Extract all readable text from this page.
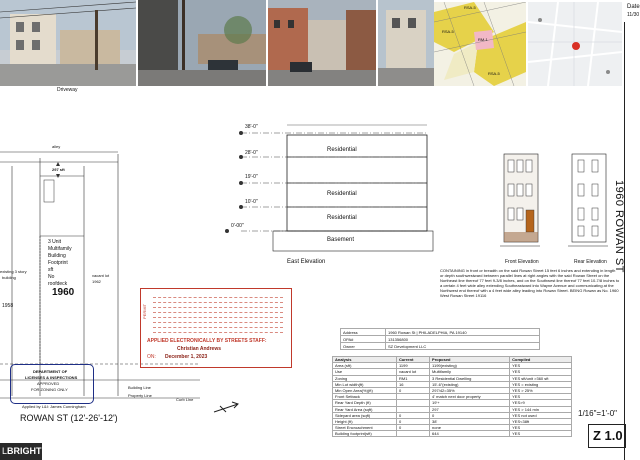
RSA-5
RSA-5
RM-1
RSA-5
Date
11/30
Driveway
1960 ROWAN ST
alley
297 sft
3 Unit
Multifamily
Building
Footprint
sft
No
roofdeck
1960
existing 3 story
building
1958
vacant lot
1962
Building Line
Property Line
Curb Line
DEPARTMENT OF
LICENSES & INSPECTIONS
APPROVED
FOR ZONING ONLY
ROWAN ST (12'-26'-12')
Applied by L&I: James Cunningham
38'-0"
28'-0"
19'-0"
10'-0"
0'-00"
Residential
Residential
Residential
Basement
East Elevation	Front Elevation	Rear Elevation
CONTAINING in front or breadth on the said Rowan Street 15 feet 6 inches and extending in length or depth southwestward between parallel lines at right angles with the said Rowan Street on the Northeast line thereof 77 feet 9-3/8 inches, and on the Southwest line thereof 77 feet 10-7/8 inches to a certain 4 feet wide alley extending Southeastward into Wayne Avenue and communicating at the Northwest end thereof with a 4 feet wide alley leading into Rowan Street. BEING Rowan as No. 1960 West Rowan Street 19116
PERMIT
APPLIED ELECTRONICALLY BY STREETS STAFF:
Christian Andrews
ON: December 1, 2023
Address	1960 Rowan St | PHILADELPHIA, PA 19140
OPA#	131356800
Owner	SZ Development LLC
Analysis	Current	Proposed	Compiled
Area (sft)	1199	1199(existing)	YES
Use	vacant lot	Multifamily	YES
Zoning	RM1	3 Residential Dwelling	YES sft/unit >360 sft
Min Lot width(ft)	16	15'-6"(existing)	YES = existing
Min Open Area(%)(ft)	0	297/42=35%	YES > 25%
Front Setback		4' match next door property	YES
Rear Yard Depth (ft)		19'+	YES>9
Rear Yard Area (sqft)		297	YES > 144 min
Sideyard area (sqft)	0	0	YES not used
Height (ft)	0	38'	YES<38ft
Street Encroachment	0	none	YES
Building footprint(sft)		644	YES
1/16"=1'-0"
Z 1.0
LBRIGHThils
